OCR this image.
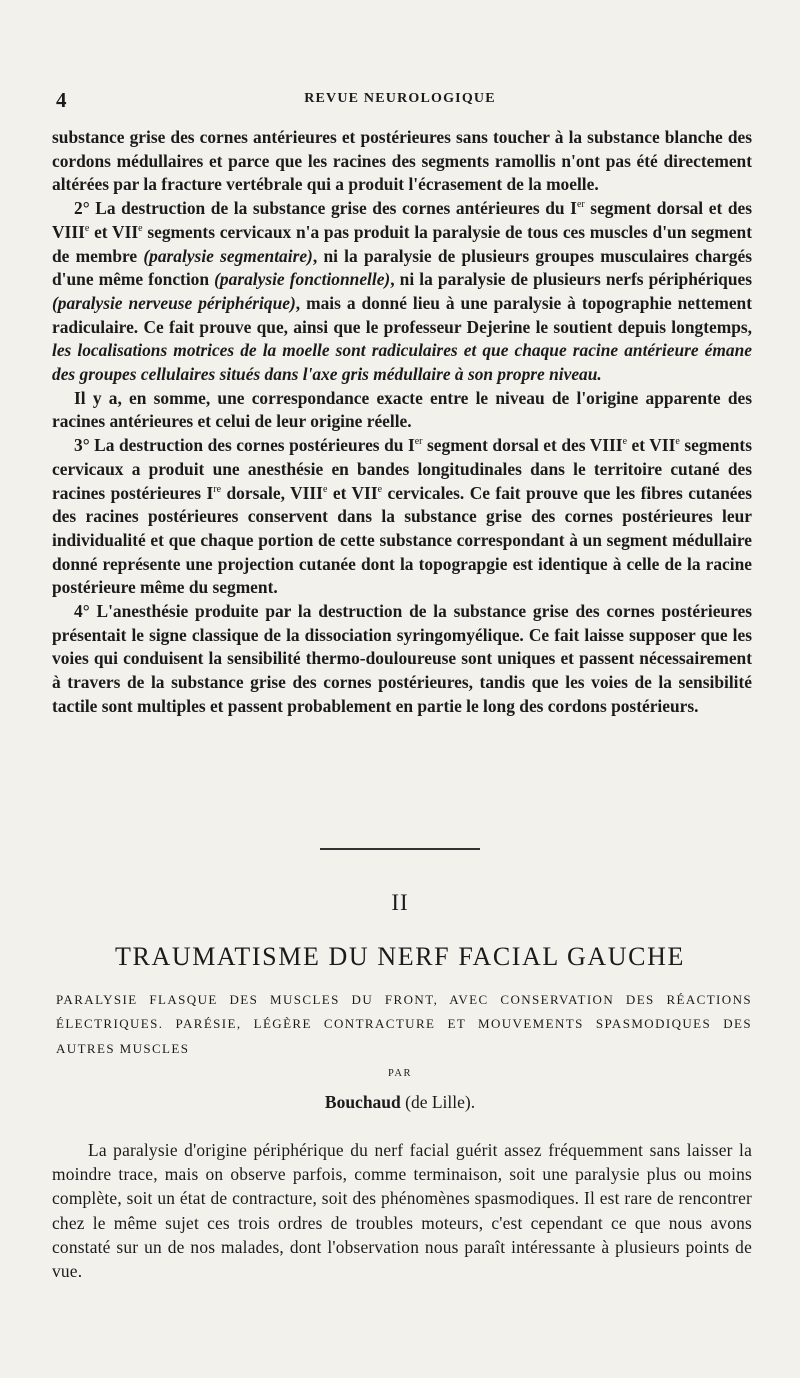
4	REVUE NEUROLOGIQUE

substance grise des cornes antérieures et postérieures sans toucher à la substance blanche des cordons médullaires et parce que les racines des segments ramollis n'ont pas été directement altérées par la fracture vertébrale qui a produit l'écrasement de la moelle.

2° La destruction de la substance grise des cornes antérieures du Ier segment dorsal et des VIIIe et VIIe segments cervicaux n'a pas produit la paralysie de tous ces muscles d'un segment de membre (paralysie segmentaire), ni la paralysie de plusieurs groupes musculaires chargés d'une même fonction (paralysie fonctionnelle), ni la paralysie de plusieurs nerfs périphériques (paralysie nerveuse périphérique), mais a donné lieu à une paralysie à topographie nettement radiculaire. Ce fait prouve que, ainsi que le professeur Dejerine le soutient depuis longtemps, les localisations motrices de la moelle sont radiculaires et que chaque racine antérieure émane des groupes cellulaires situés dans l'axe gris médullaire à son propre niveau.

Il y a, en somme, une correspondance exacte entre le niveau de l'origine apparente des racines antérieures et celui de leur origine réelle.

3° La destruction des cornes postérieures du Ier segment dorsal et des VIIIe et VIIe segments cervicaux a produit une anesthésie en bandes longitudinales dans le territoire cutané des racines postérieures Ire dorsale, VIIIe et VIIe cervicales. Ce fait prouve que les fibres cutanées des racines postérieures conservent dans la substance grise des cornes postérieures leur individualité et que chaque portion de cette substance correspondant à un segment médullaire donné représente une projection cutanée dont la topograpgie est identique à celle de la racine postérieure même du segment.

4° L'anesthésie produite par la destruction de la substance grise des cornes postérieures présentait le signe classique de la dissociation syringomyélique. Ce fait laisse supposer que les voies qui conduisent la sensibilité thermo-douloureuse sont uniques et passent nécessairement à travers de la substance grise des cornes postérieures, tandis que les voies de la sensibilité tactile sont multiples et passent probablement en partie le long des cordons postérieurs.

II
TRAUMATISME DU NERF FACIAL GAUCHE
PARALYSIE FLASQUE DES MUSCLES DU FRONT, AVEC CONSERVATION DES RÉACTIONS ÉLECTRIQUES. PARÉSIE, LÉGÈRE CONTRACTURE ET MOUVEMENTS SPASMODIQUES DES AUTRES MUSCLES
PAR
Bouchaud (de Lille).

La paralysie d'origine périphérique du nerf facial guérit assez fréquemment sans laisser la moindre trace, mais on observe parfois, comme terminaison, soit une paralysie plus ou moins complète, soit un état de contracture, soit des phénomènes spasmodiques. Il est rare de rencontrer chez le même sujet ces trois ordres de troubles moteurs, c'est cependant ce que nous avons constaté sur un de nos malades, dont l'observation nous paraît intéressante à plusieurs points de vue.
